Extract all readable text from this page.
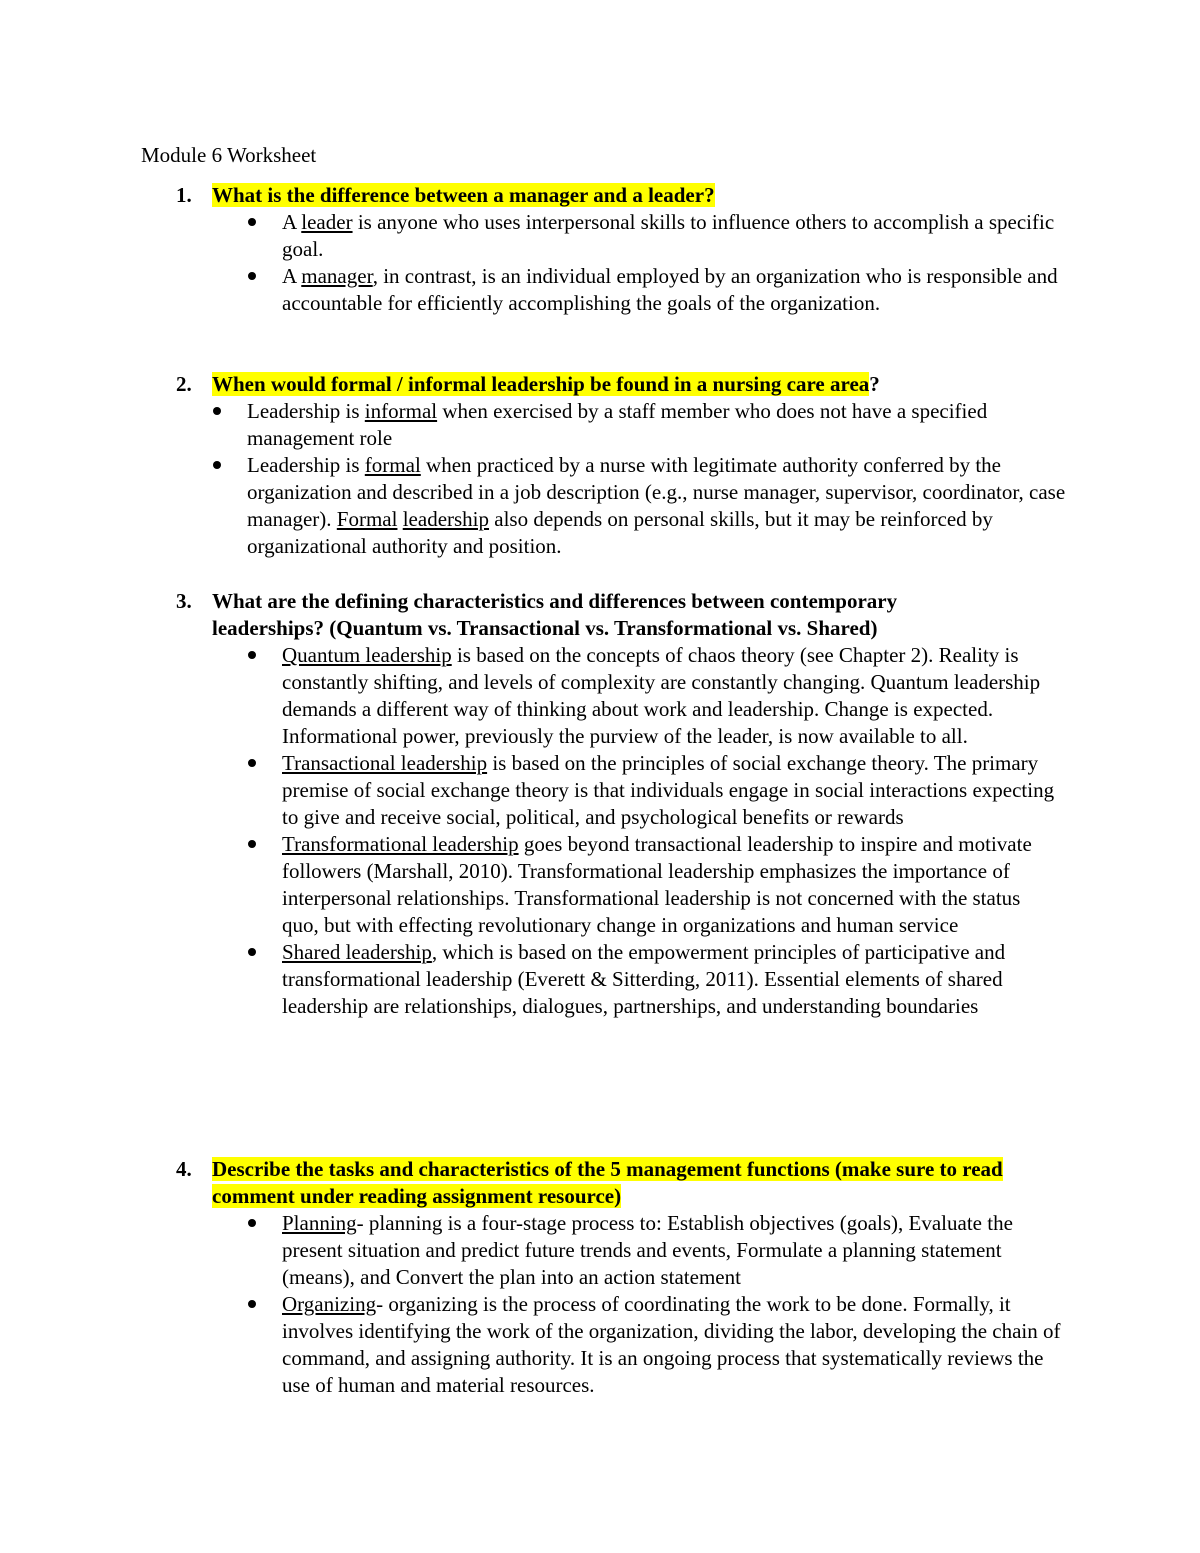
Module 6 Worksheet
1. What is the difference between a manager and a leader?
A leader is anyone who uses interpersonal skills to influence others to accomplish a specific goal.
A manager, in contrast, is an individual employed by an organization who is responsible and accountable for efficiently accomplishing the goals of the organization.
2. When would formal / informal leadership be found in a nursing care area?
Leadership is informal when exercised by a staff member who does not have a specified management role
Leadership is formal when practiced by a nurse with legitimate authority conferred by the organization and described in a job description (e.g., nurse manager, supervisor, coordinator, case manager). Formal leadership also depends on personal skills, but it may be reinforced by organizational authority and position.
3. What are the defining characteristics and differences between contemporary leaderships? (Quantum vs. Transactional vs. Transformational vs. Shared)
Quantum leadership is based on the concepts of chaos theory (see Chapter 2). Reality is constantly shifting, and levels of complexity are constantly changing. Quantum leadership demands a different way of thinking about work and leadership. Change is expected. Informational power, previously the purview of the leader, is now available to all.
Transactional leadership is based on the principles of social exchange theory. The primary premise of social exchange theory is that individuals engage in social interactions expecting to give and receive social, political, and psychological benefits or rewards
Transformational leadership goes beyond transactional leadership to inspire and motivate followers (Marshall, 2010). Transformational leadership emphasizes the importance of interpersonal relationships. Transformational leadership is not concerned with the status quo, but with effecting revolutionary change in organizations and human service
Shared leadership, which is based on the empowerment principles of participative and transformational leadership (Everett & Sitterding, 2011). Essential elements of shared leadership are relationships, dialogues, partnerships, and understanding boundaries
4. Describe the tasks and characteristics of the 5 management functions (make sure to read comment under reading assignment resource)
Planning- planning is a four-stage process to: Establish objectives (goals), Evaluate the present situation and predict future trends and events, Formulate a planning statement (means), and Convert the plan into an action statement
Organizing- organizing is the process of coordinating the work to be done. Formally, it involves identifying the work of the organization, dividing the labor, developing the chain of command, and assigning authority. It is an ongoing process that systematically reviews the use of human and material resources.
